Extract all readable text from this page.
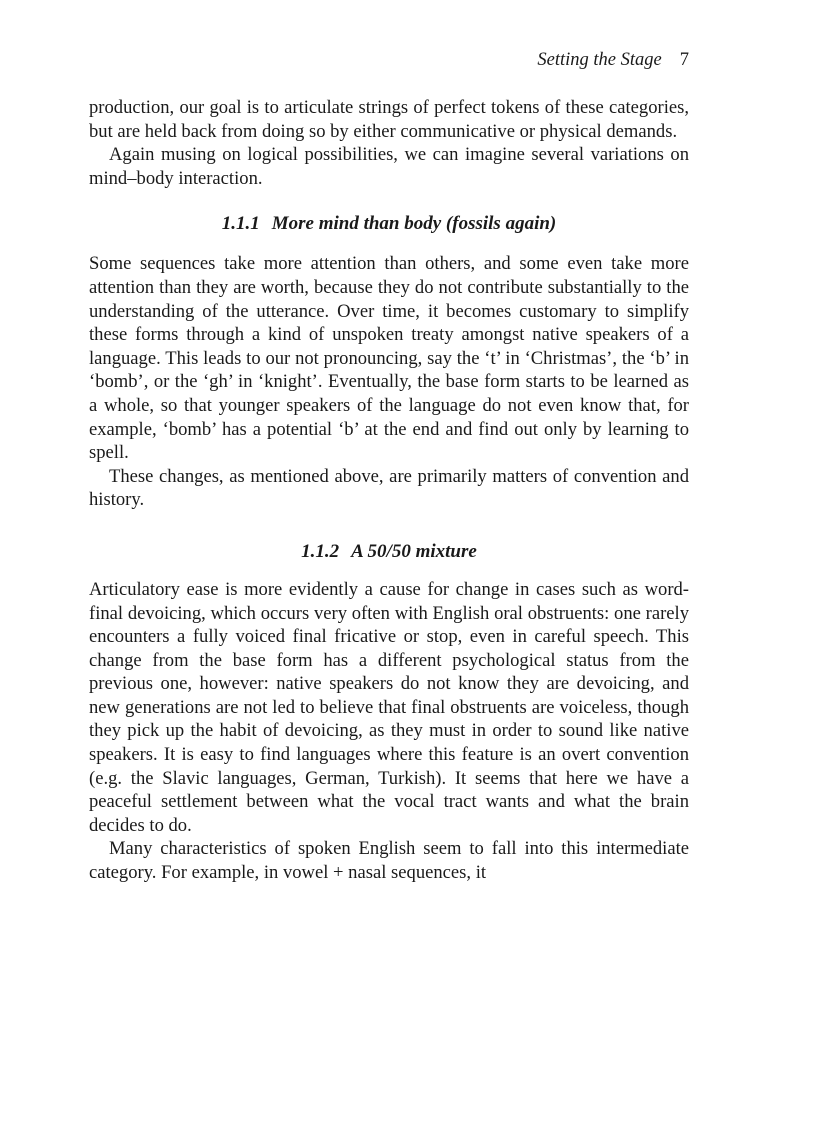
Setting the Stage 7

production, our goal is to articulate strings of perfect tokens of these categories, but are held back from doing so by either communicative or physical demands.

Again musing on logical possibilities, we can imagine several variations on mind–body interaction.

1.1.1 More mind than body (fossils again)

Some sequences take more attention than others, and some even take more attention than they are worth, because they do not contribute substantially to the understanding of the utterance. Over time, it becomes customary to simplify these forms through a kind of unspoken treaty amongst native speakers of a language. This leads to our not pronouncing, say the ‘t’ in ‘Christmas’, the ‘b’ in ‘bomb’, or the ‘gh’ in ‘knight’. Eventually, the base form starts to be learned as a whole, so that younger speakers of the language do not even know that, for example, ‘bomb’ has a potential ‘b’ at the end and find out only by learning to spell.

These changes, as mentioned above, are primarily matters of convention and history.

1.1.2 A 50/50 mixture

Articulatory ease is more evidently a cause for change in cases such as word-final devoicing, which occurs very often with English oral obstruents: one rarely encounters a fully voiced final fricative or stop, even in careful speech. This change from the base form has a different psychological status from the previous one, however: native speakers do not know they are devoicing, and new generations are not led to believe that final obstruents are voiceless, though they pick up the habit of devoicing, as they must in order to sound like native speakers. It is easy to find languages where this feature is an overt convention (e.g. the Slavic languages, German, Turkish). It seems that here we have a peaceful settlement between what the vocal tract wants and what the brain decides to do.

Many characteristics of spoken English seem to fall into this intermediate category. For example, in vowel + nasal sequences, it
